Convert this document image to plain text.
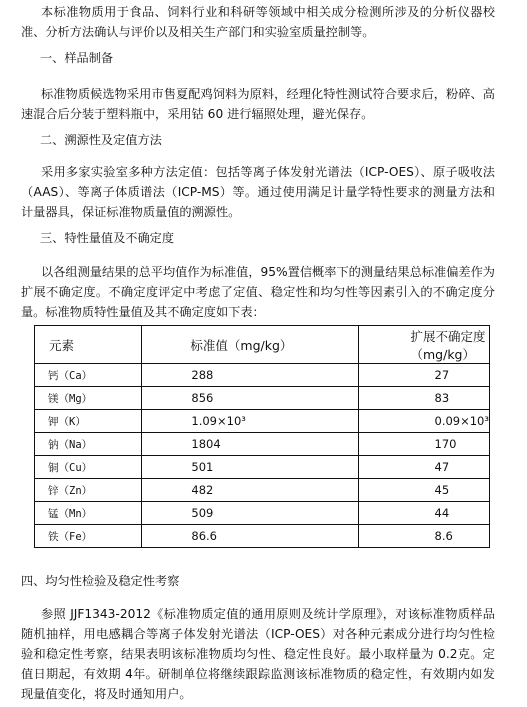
本标准物质用于食品、饲料行业和科研等领域中相关成分检测所涉及的分析仪器校准、分析方法确认与评价以及相关生产部门和实验室质量控制等。

一、样品制备

标准物质候选物采用市售夏配鸡饲料为原料，经理化特性测试符合要求后，粉碎、高速混合后分装于塑料瓶中，采用钴 60 进行辐照处理，避光保存。

二、溯源性及定值方法

采用多家实验室多种方法定值：包括等离子体发射光谱法（ICP-OES）、原子吸收法（AAS）、等离子体质谱法（ICP-MS）等。通过使用满足计量学特性要求的测量方法和计量器具，保证标准物质量值的溯源性。

三、特性量值及不确定度

以各组测量结果的总平均值作为标准值，95%置信概率下的测量结果总标准偏差作为扩展不确定度。不确定度评定中考虑了定值、稳定性和均匀性等因素引入的不确定度分量。标准物质特性量值及其不确定度如下表：

元素	标准值（mg/kg）	扩展不确定度（mg/kg）
钙（Ca）	288	27
镁（Mg）	856	83
钾（K）	1.09×10³	0.09×10³
钠（Na）	1804	170
铜（Cu）	501	47
锌（Zn）	482	45
锰（Mn）	509	44
铁（Fe）	86.6	8.6
四、均匀性检验及稳定性考察

参照 JJF1343-2012《标准物质定值的通用原则及统计学原理》，对该标准物质样品随机抽样，用电感耦合等离子体发射光谱法（ICP-OES）对各种元素成分进行均匀性检验和稳定性考察，结果表明该标准物质均匀性、稳定性良好。最小取样量为 0.2克。定值日期起，有效期 4年。研制单位将继续跟踪监测该标准物质的稳定性，有效期内如发现量值变化，将及时通知用户。
